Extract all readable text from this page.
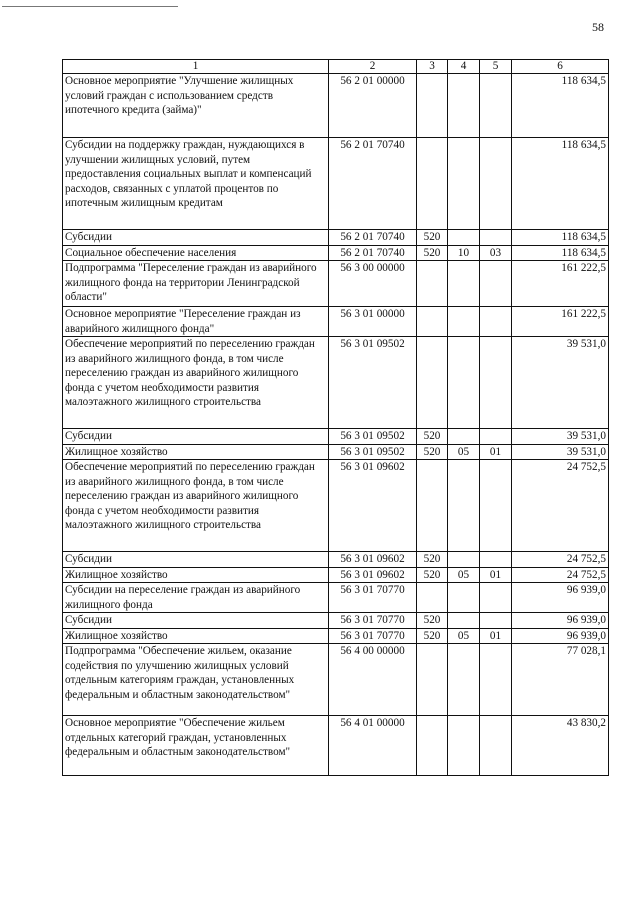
58
1	2	3	4	5	6
Основное мероприятие "Улучшение жилищных условий граждан с использованием средств ипотечного кредита (займа)"	56 2 01 00000				118 634,5
Субсидии на поддержку граждан, нуждающихся в улучшении жилищных условий, путем предоставления социальных выплат и компенсаций расходов, связанных с уплатой процентов по ипотечным жилищным кредитам	56 2 01 70740				118 634,5
Субсидии	56 2 01 70740	520			118 634,5
Социальное обеспечение населения	56 2 01 70740	520	10	03	118 634,5
Подпрограмма "Переселение граждан из аварийного жилищного фонда на территории Ленинградской области"	56 3 00 00000				161 222,5
Основное мероприятие "Переселение граждан из аварийного жилищного фонда"	56 3 01 00000				161 222,5
Обеспечение мероприятий по переселению граждан из аварийного жилищного фонда, в том числе переселению граждан из аварийного жилищного фонда с учетом необходимости развития малоэтажного жилищного строительства	56 3 01 09502				39 531,0
Субсидии	56 3 01 09502	520			39 531,0
Жилищное хозяйство	56 3 01 09502	520	05	01	39 531,0
Обеспечение мероприятий по переселению граждан из аварийного жилищного фонда, в том числе переселению граждан из аварийного жилищного фонда с учетом необходимости развития малоэтажного жилищного строительства	56 3 01 09602				24 752,5
Субсидии	56 3 01 09602	520			24 752,5
Жилищное хозяйство	56 3 01 09602	520	05	01	24 752,5
Субсидии на переселение граждан из аварийного жилищного фонда	56 3 01 70770				96 939,0
Субсидии	56 3 01 70770	520			96 939,0
Жилищное хозяйство	56 3 01 70770	520	05	01	96 939,0
Подпрограмма "Обеспечение жильем, оказание содействия по улучшению жилищных условий отдельным категориям граждан, установленных федеральным и областным законодательством"	56 4 00 00000				77 028,1
Основное мероприятие "Обеспечение жильем отдельных категорий граждан, установленных федеральным и областным законодательством"	56 4 01 00000				43 830,2
